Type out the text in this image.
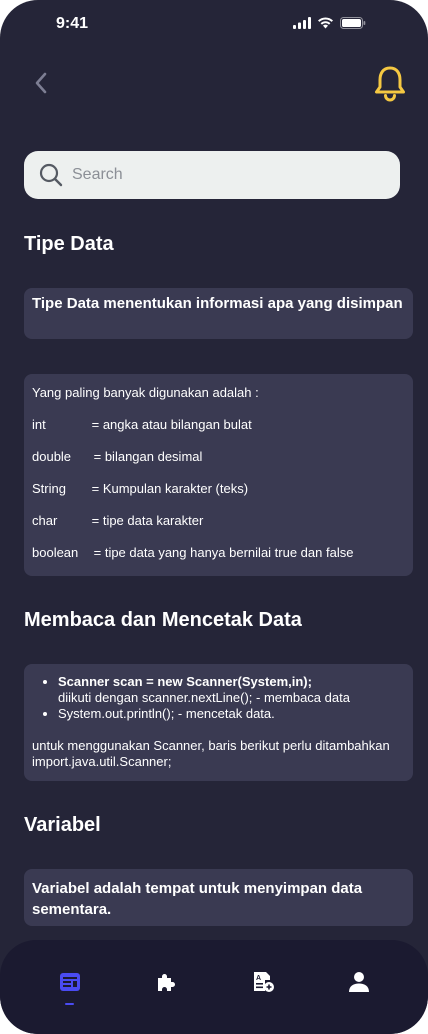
9:41
Search
Tipe Data
Tipe Data menentukan informasi apa yang disimpan
Yang paling banyak digunakan adalah :
int	= angka atau bilangan bulat
double = bilangan desimal
String = Kumpulan karakter (teks)
char	= tipe data karakter
boolean = tipe data yang hanya bernilai true dan false
Membaca dan Mencetak Data
• Scanner scan = new Scanner(System,in);
diikuti dengan scanner.nextLine(); - membaca data
• System.out.println(); - mencetak data.

untuk menggunakan Scanner, baris berikut perlu ditambahkan import.java.util.Scanner;

Variabel
Variabel adalah tempat untuk menyimpan data sementara.
A
